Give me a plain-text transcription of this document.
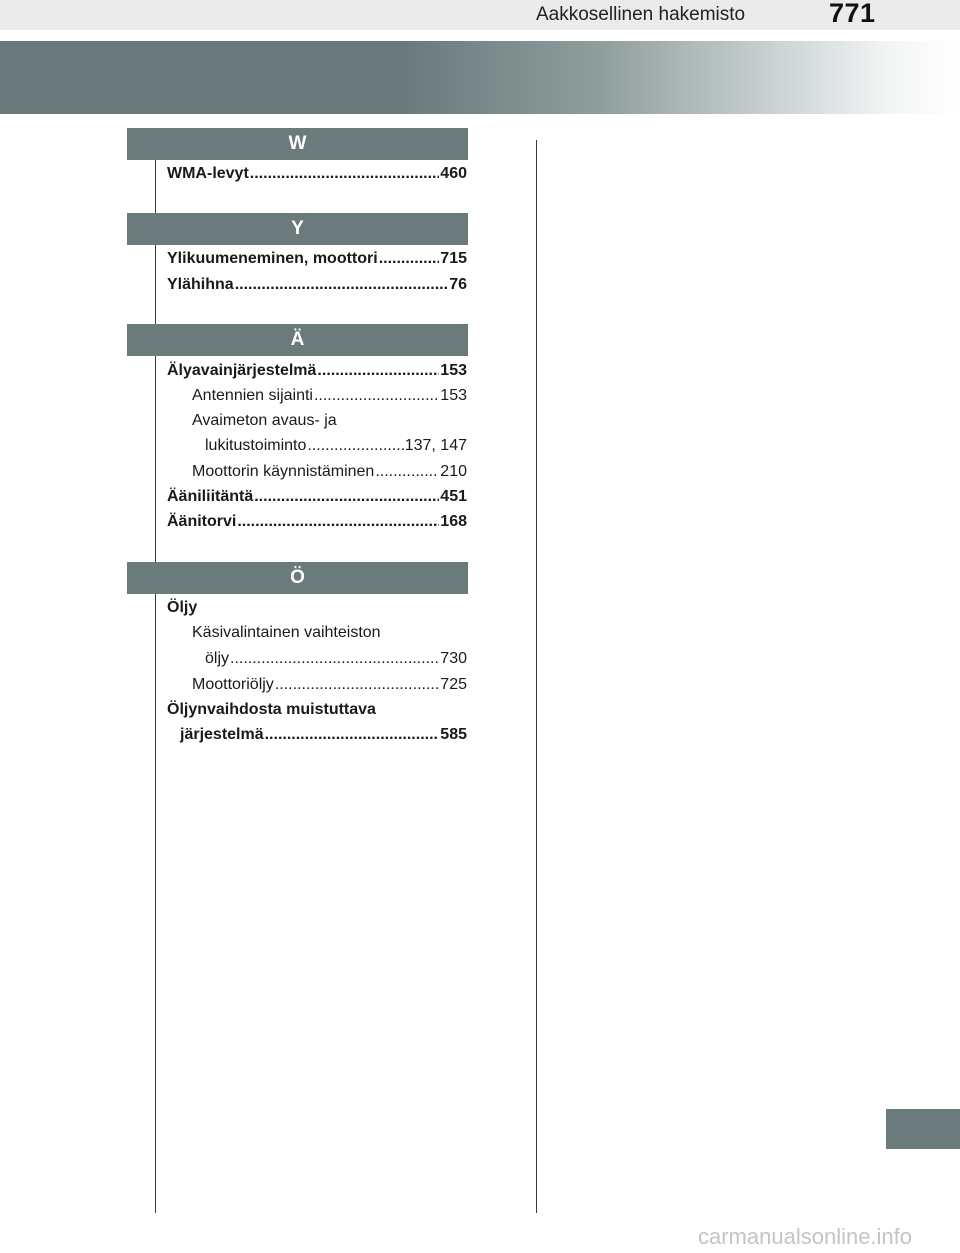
Aakkosellinen hakemisto	771
W
WMA-levyt .....	460
Y
Ylikuumeneminen, moottori .....	715
Ylähihna .....	76
Ä
Älyavainjärjestelmä .....	153
Antennien sijainti .....	153
Avaimeton avaus- ja
lukitustoiminto .....	137, 147
Moottorin käynnistäminen .....	210
Ääniliitäntä .....	451
Äänitorvi .....	168
Ö
Öljy
Käsivalintainen vaihteiston
öljy .....	730
Moottoriöljy .....	725
Öljynvaihdosta muistuttava
järjestelmä .....	585
carmanualsonline.info
